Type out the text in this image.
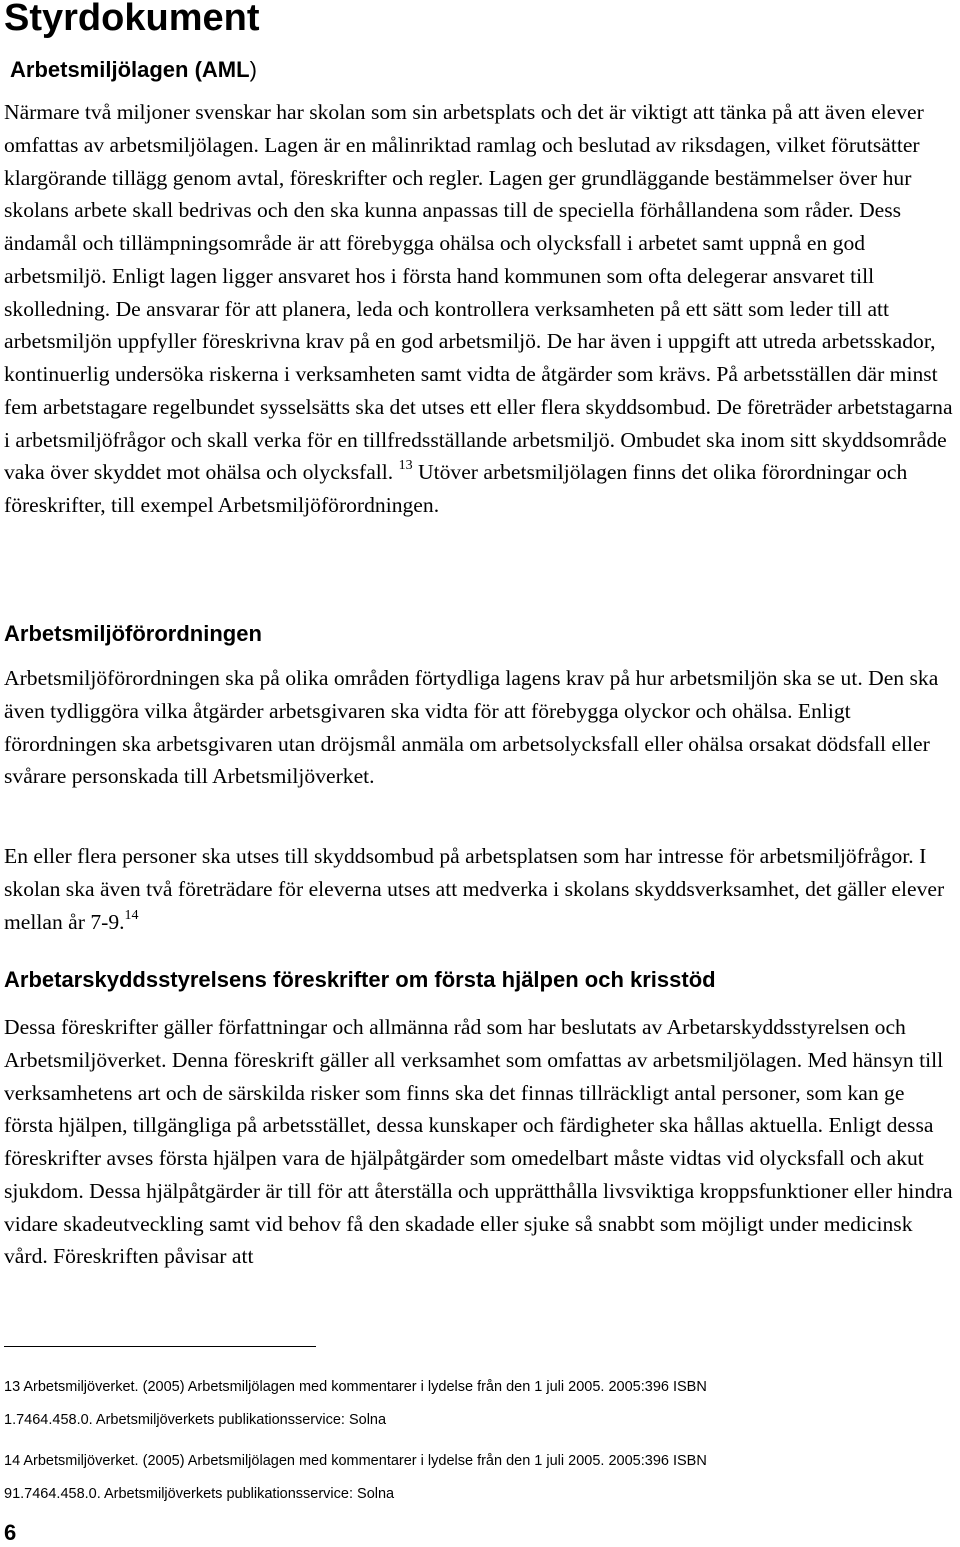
Styrdokument
Arbetsmiljölagen (AML)

Närmare två miljoner svenskar har skolan som sin arbetsplats och det är viktigt att tänka på att även elever omfattas av arbetsmiljölagen. Lagen är en målinriktad ramlag och beslutad av riksdagen, vilket förutsätter klargörande tillägg genom avtal, föreskrifter och regler. Lagen ger grundläggande bestämmelser över hur skolans arbete skall bedrivas och den ska kunna anpassas till de speciella förhållandena som råder. Dess ändamål och tillämpningsområde är att förebygga ohälsa och olycksfall i arbetet samt uppnå en god arbetsmiljö. Enligt lagen ligger ansvaret hos i första hand kommunen som ofta delegerar ansvaret till skolledning. De ansvarar för att planera, leda och kontrollera verksamheten på ett sätt som leder till att arbetsmiljön uppfyller föreskrivna krav på en god arbetsmiljö. De har även i uppgift att utreda arbetsskador, kontinuerlig undersöka riskerna i verksamheten samt vidta de åtgärder som krävs. På arbetsställen där minst fem arbetstagare regelbundet sysselsätts ska det utses ett eller flera skyddsombud. De företräder arbetstagarna i arbetsmiljöfrågor och skall verka för en tillfredsställande arbetsmiljö. Ombudet ska inom sitt skyddsområde vaka över skyddet mot ohälsa och olycksfall. $^{13}$ Utöver arbetsmiljölagen finns det olika förordningar och föreskrifter, till exempel Arbetsmiljöförordningen.

Arbetsmiljöförordningen

Arbetsmiljöförordningen ska på olika områden förtydliga lagens krav på hur arbetsmiljön ska se ut. Den ska även tydliggöra vilka åtgärder arbetsgivaren ska vidta för att förebygga olyckor och ohälsa. Enligt förordningen ska arbetsgivaren utan dröjsmål anmäla om arbetsolycksfall eller ohälsa orsakat dödsfall eller svårare personskada till Arbetsmiljöverket.

En eller flera personer ska utses till skyddsombud på arbetsplatsen som har intresse för arbetsmiljöfrågor. I skolan ska även två företrädare för eleverna utses att medverka i skolans skyddsverksamhet, det gäller elever mellan år 7-9.14

Arbetarskyddsstyrelsens föreskrifter om första hjälpen och krisstöd

Dessa föreskrifter gäller författningar och allmänna råd som har beslutats av Arbetarskyddsstyrelsen och Arbetsmiljöverket. Denna föreskrift gäller all verksamhet som omfattas av arbetsmiljölagen. Med hänsyn till verksamhetens art och de särskilda risker som finns ska det finnas tillräckligt antal personer, som kan ge första hjälpen, tillgängliga på arbetsstället, dessa kunskaper och färdigheter ska hållas aktuella. Enligt dessa föreskrifter avses första hjälpen vara de hjälpåtgärder som omedelbart måste vidtas vid olycksfall och akut sjukdom. Dessa hjälpåtgärder är till för att återställa och upprätthålla livsviktiga kroppsfunktioner eller hindra vidare skadeutveckling samt vid behov få den skadade eller sjuke så snabbt som möjligt under medicinsk vård. Föreskriften påvisar att

13 Arbetsmiljöverket. (2005) Arbetsmiljölagen med kommentarer i lydelse från den 1 juli 2005. 2005:396 ISBN
1.7464.458.0. Arbetsmiljöverkets publikationsservice: Solna
14 Arbetsmiljöverket. (2005) Arbetsmiljölagen med kommentarer i lydelse från den 1 juli 2005. 2005:396 ISBN
91.7464.458.0. Arbetsmiljöverkets publikationsservice: Solna
6
